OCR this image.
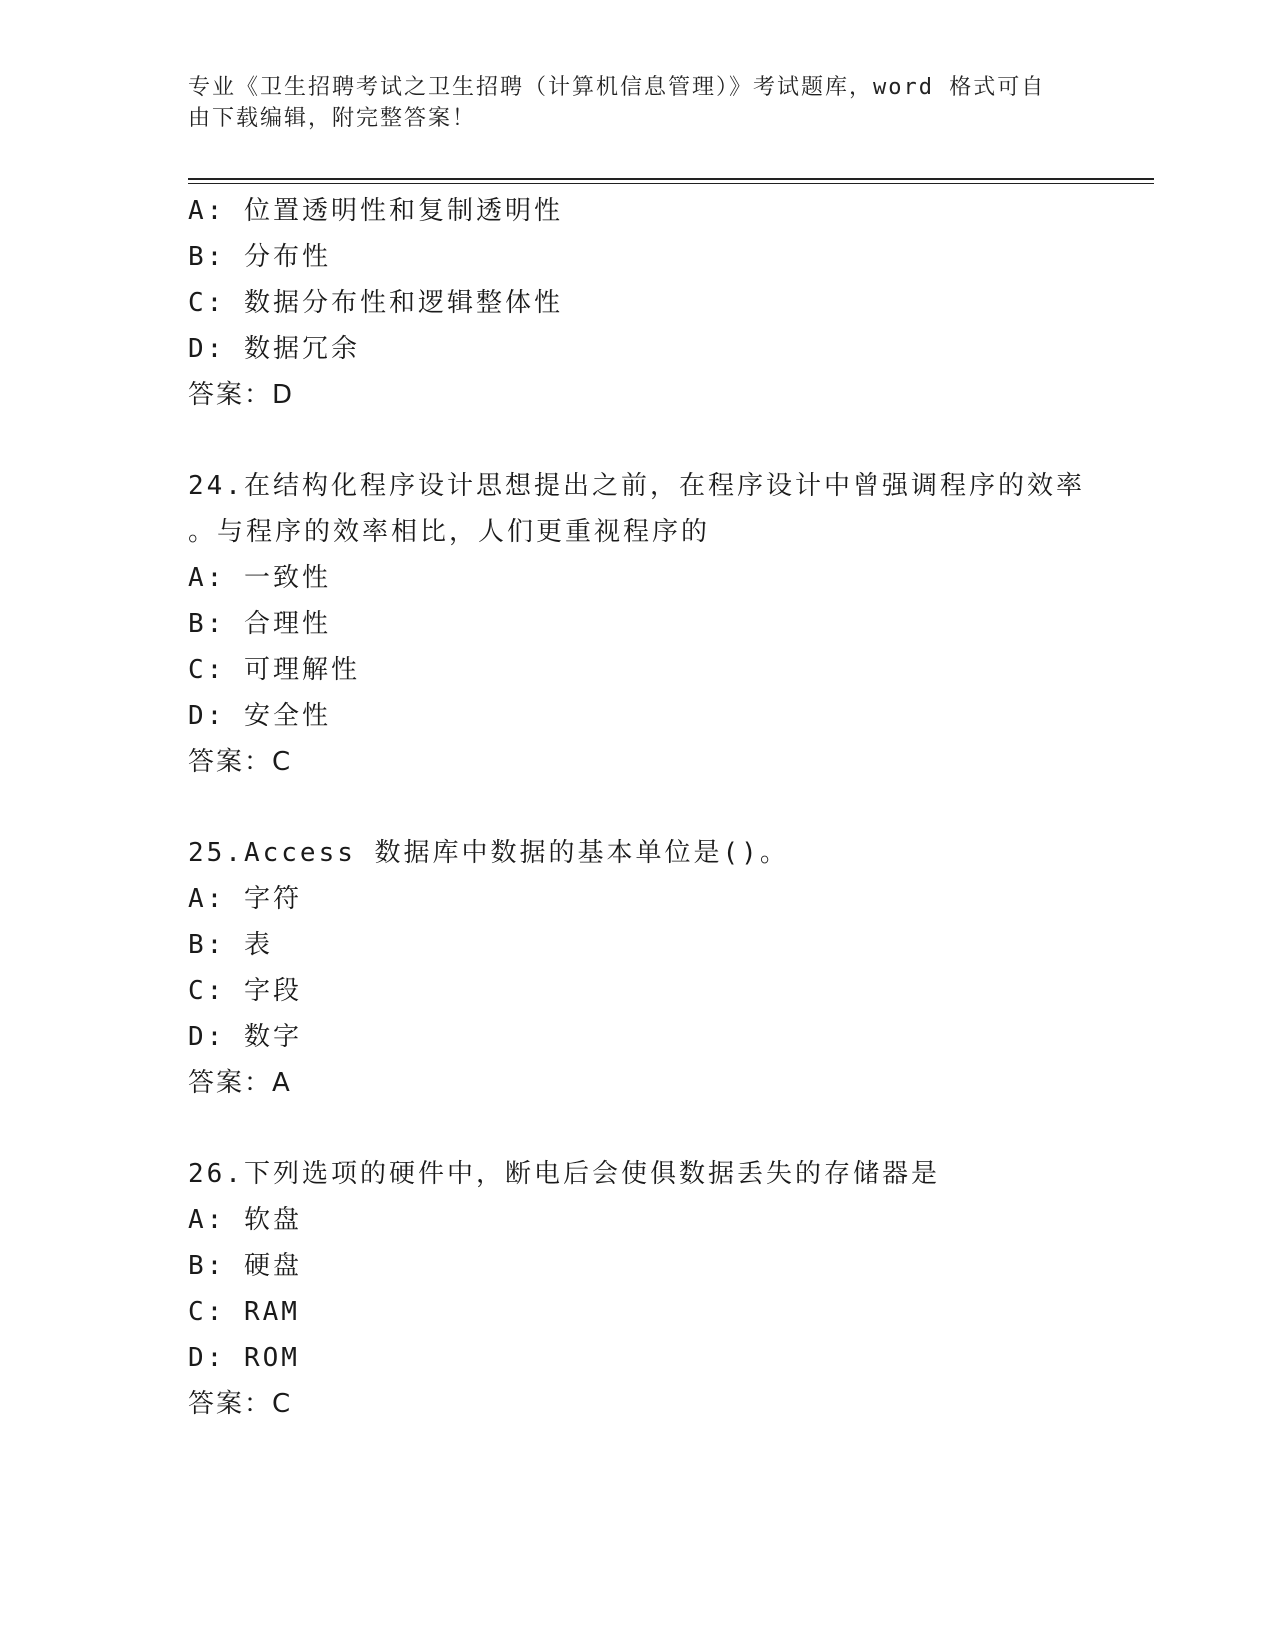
专业《卫生招聘考试之卫生招聘（计算机信息管理）》考试题库，word 格式可自
由下载编辑，附完整答案！
A: 位置透明性和复制透明性
B: 分布性
C: 数据分布性和逻辑整体性
D: 数据冗余
答案：D
24.在结构化程序设计思想提出之前，在程序设计中曾强调程序的效率
。与程序的效率相比，人们更重视程序的
A: 一致性
B: 合理性
C: 可理解性
D: 安全性
答案：C
25.Access 数据库中数据的基本单位是()。
A: 字符
B: 表
C: 字段
D: 数字
答案：A
26.下列选项的硬件中，断电后会使俱数据丢失的存储器是
A: 软盘
B: 硬盘
C: RAM
D: ROM
答案：C
